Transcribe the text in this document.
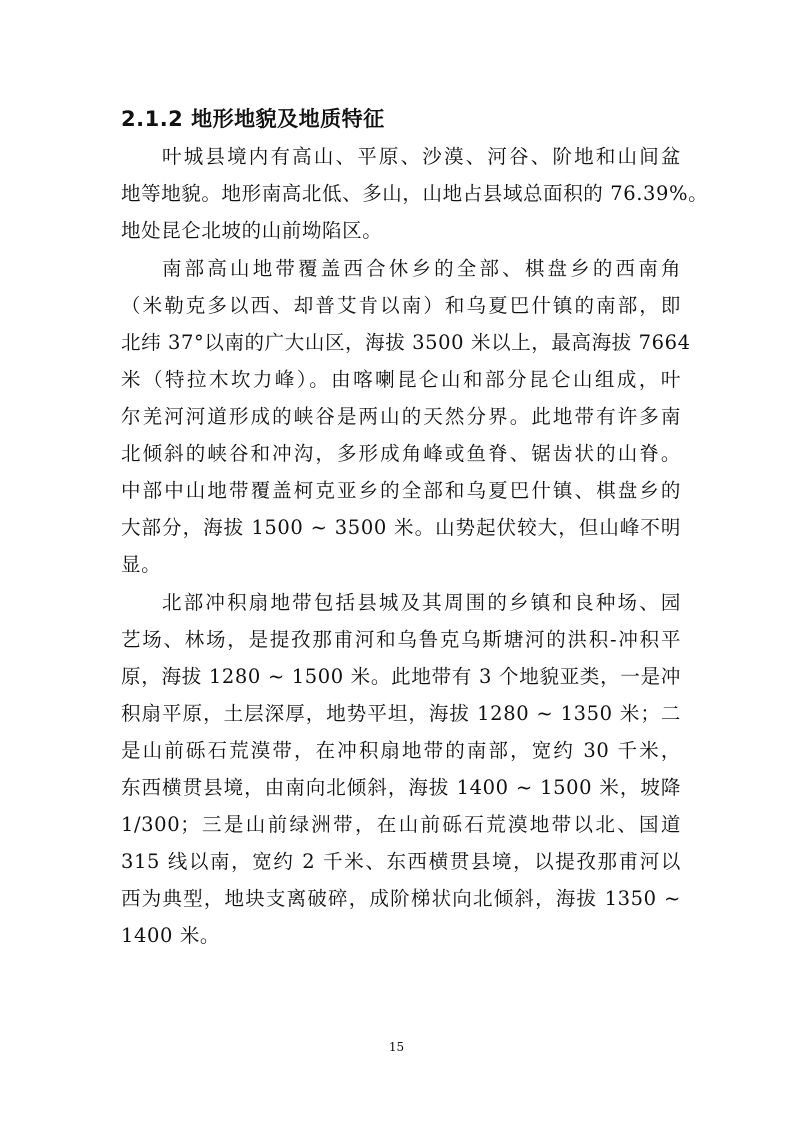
2.1.2 地形地貌及地质特征
叶城县境内有高山、平原、沙漠、河谷、阶地和山间盆
地等地貌。地形南高北低、多山，山地占县域总面积的 76.39%。
地处昆仑北坡的山前坳陷区。
南部高山地带覆盖西合休乡的全部、棋盘乡的西南角
（米勒克多以西、却普艾肯以南）和乌夏巴什镇的南部，即
北纬 37°以南的广大山区，海拔 3500 米以上，最高海拔 7664
米（特拉木坎力峰）。由喀喇昆仑山和部分昆仑山组成，叶
尔羌河河道形成的峡谷是两山的天然分界。此地带有许多南
北倾斜的峡谷和冲沟，多形成角峰或鱼脊、锯齿状的山脊。
中部中山地带覆盖柯克亚乡的全部和乌夏巴什镇、棋盘乡的
大部分，海拔 1500 ~ 3500 米。山势起伏较大，但山峰不明
显。
北部冲积扇地带包括县城及其周围的乡镇和良种场、园
艺场、林场，是提孜那甫河和乌鲁克乌斯塘河的洪积-冲积平
原，海拔 1280 ~ 1500 米。此地带有 3 个地貌亚类，一是冲
积扇平原，土层深厚，地势平坦，海拔 1280 ~ 1350 米；二
是山前砾石荒漠带，在冲积扇地带的南部，宽约 30 千米，
东西横贯县境，由南向北倾斜，海拔 1400 ~ 1500 米，坡降
1/300；三是山前绿洲带，在山前砾石荒漠地带以北、国道
315 线以南，宽约 2 千米、东西横贯县境，以提孜那甫河以
西为典型，地块支离破碎，成阶梯状向北倾斜，海拔 1350 ~
1400 米。
15
